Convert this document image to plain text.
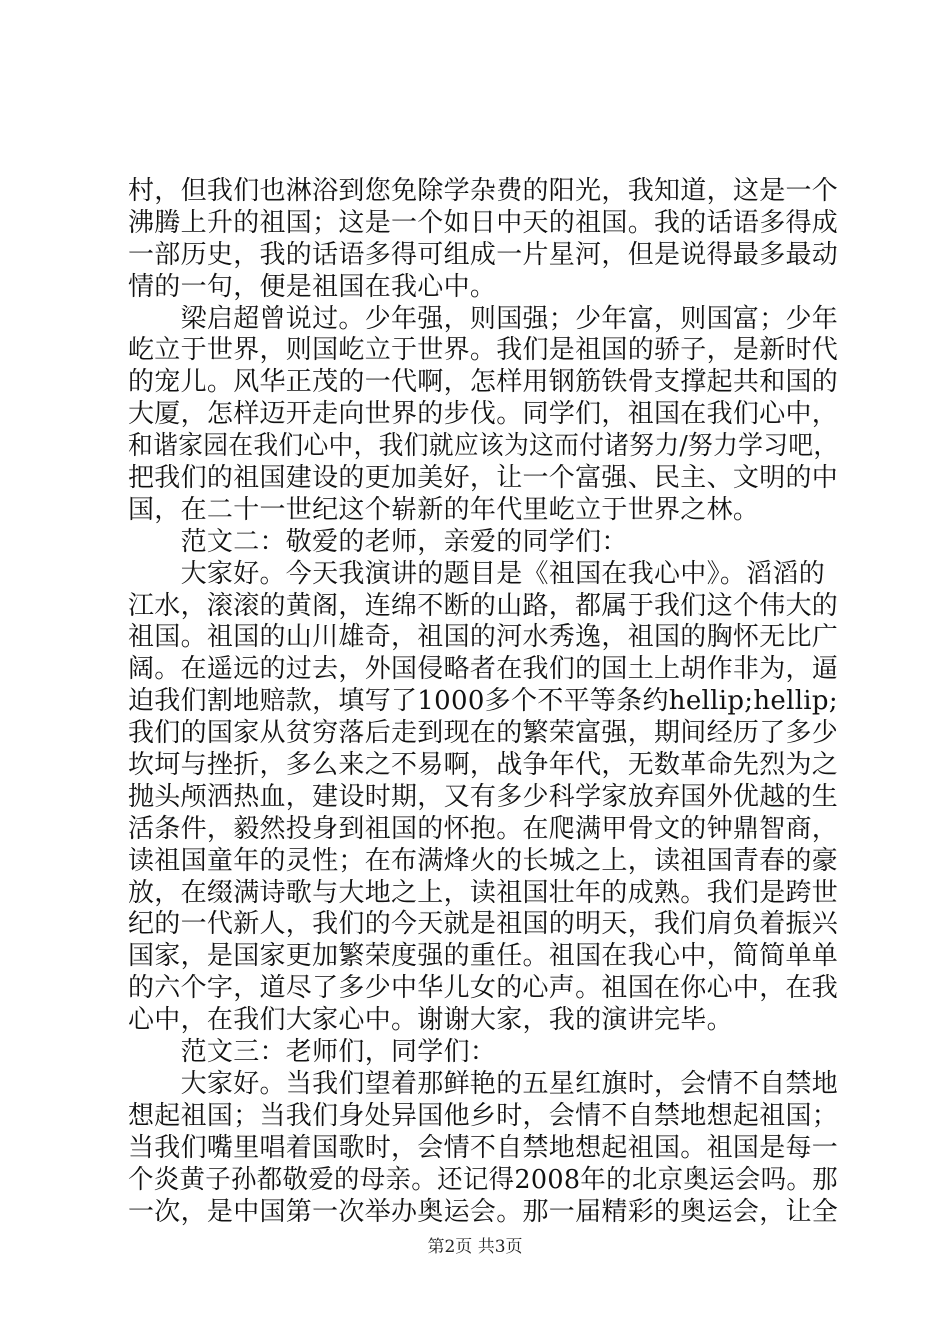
村，但我们也淋浴到您免除学杂费的阳光，我知道，这是一个
沸腾上升的祖国；这是一个如日中天的祖国。我的话语多得成
一部历史，我的话语多得可组成一片星河，但是说得最多最动
情的一句，便是祖国在我心中。
　　梁启超曾说过。少年强，则国强；少年富，则国富；少年
屹立于世界，则国屹立于世界。我们是祖国的骄子，是新时代
的宠儿。风华正茂的一代啊，怎样用钢筋铁骨支撑起共和国的
大厦，怎样迈开走向世界的步伐。同学们，祖国在我们心中，
和谐家园在我们心中，我们就应该为这而付诸努力/努力学习吧，
把我们的祖国建设的更加美好，让一个富强、民主、文明的中
国，在二十一世纪这个崭新的年代里屹立于世界之林。
　　范文二：敬爱的老师，亲爱的同学们：
　　大家好。今天我演讲的题目是《祖国在我心中》。滔滔的
江水，滚滚的黄阁，连绵不断的山路，都属于我们这个伟大的
祖国。祖国的山川雄奇，祖国的河水秀逸，祖国的胸怀无比广
阔。在遥远的过去，外国侵略者在我们的国土上胡作非为，逼
迫我们割地赔款，填写了1000多个不平等条约hellip;hellip;
我们的国家从贫穷落后走到现在的繁荣富强，期间经历了多少
坎坷与挫折，多么来之不易啊，战争年代，无数革命先烈为之
抛头颅洒热血，建设时期，又有多少科学家放弃国外优越的生
活条件，毅然投身到祖国的怀抱。在爬满甲骨文的钟鼎智商，
读祖国童年的灵性；在布满烽火的长城之上，读祖国青春的豪
放，在缀满诗歌与大地之上，读祖国壮年的成熟。我们是跨世
纪的一代新人，我们的今天就是祖国的明天，我们肩负着振兴
国家，是国家更加繁荣度强的重任。祖国在我心中，简简单单
的六个字，道尽了多少中华儿女的心声。祖国在你心中，在我
心中，在我们大家心中。谢谢大家，我的演讲完毕。
　　范文三：老师们，同学们：
　　大家好。当我们望着那鲜艳的五星红旗时，会情不自禁地
想起祖国；当我们身处异国他乡时，会情不自禁地想起祖国；
当我们嘴里唱着国歌时，会情不自禁地想起祖国。祖国是每一
个炎黄子孙都敬爱的母亲。还记得2008年的北京奥运会吗。那
一次，是中国第一次举办奥运会。那一届精彩的奥运会，让全
第2页 共3页
